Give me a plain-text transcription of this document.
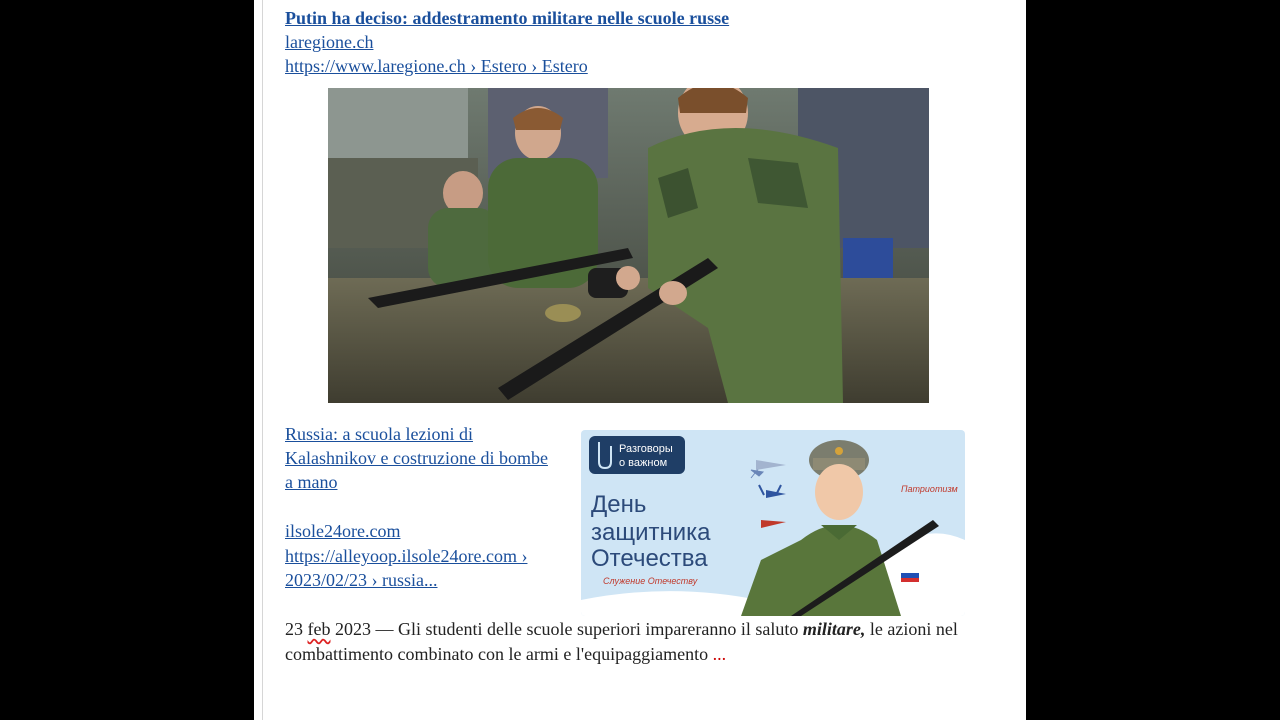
Putin ha deciso: addestramento militare nelle scuole russe
laregione.ch
https://www.laregione.ch › Estero › Estero
Russia: a scuola lezioni di Kalashnikov e costruzione di bombe a mano
ilsole24ore.com
https://alleyoop.ilsole24ore.com › 2023/02/23 › russia...
Разговоры
о важном
День
защитника
Отечества
Служение Отечеству
Патриотизм
23 feb 2023 — Gli studenti delle scuole superiori impareranno il saluto militare, le azioni nel combattimento combinato con le armi e l'equipaggiamento ...
